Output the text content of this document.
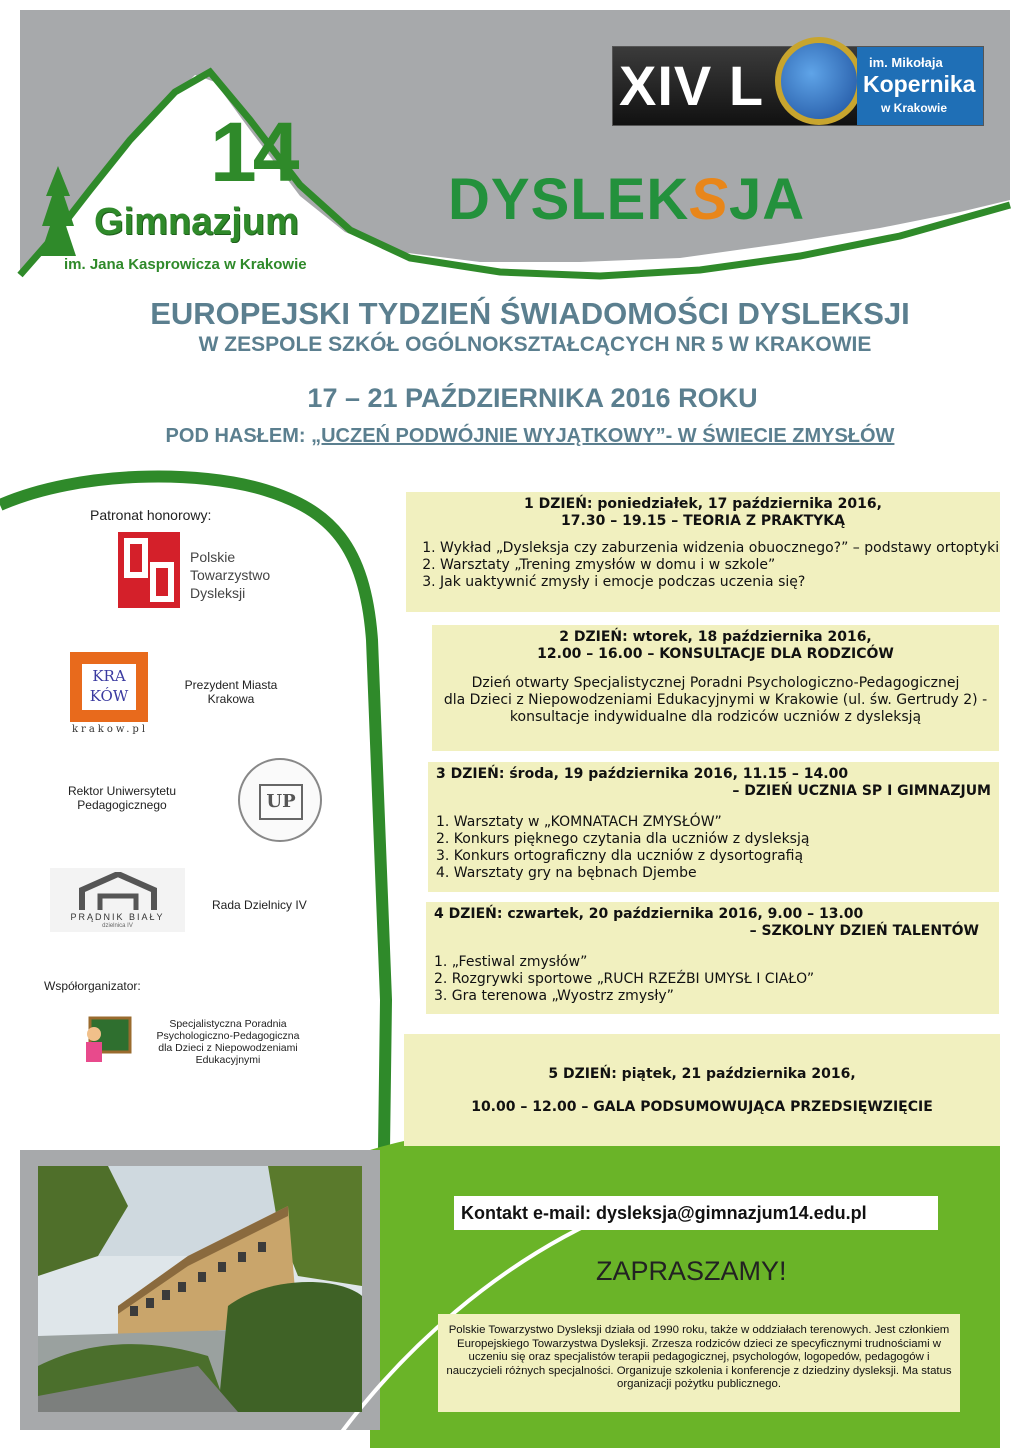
14
Gimnazjum
im. Jana Kasprowicza w Krakowie
XIV L	im. Mikołaja
Kopernika
w Krakowie
DYSLEKSJA
EUROPEJSKI TYDZIEŃ ŚWIADOMOŚCI DYSLEKSJI
W ZESPOLE SZKÓŁ OGÓLNOKSZTAŁCĄCYCH NR 5 W KRAKOWIE
17 – 21 PAŹDZIERNIKA 2016 ROKU
POD HASŁEM: „UCZEŃ PODWÓJNIE WYJĄTKOWY”- W ŚWIECIE ZMYSŁÓW
Patronat honorowy:
Polskie
Towarzystwo
Dysleksji
KRA
KÓW
krakow.pl
Prezydent Miasta Krakowa
Rektor Uniwersytetu Pedagogicznego	UP
PRĄDNIK BIAŁY
dzielnica IV
Rada Dzielnicy IV
Współorganizator:
Specjalistyczna Poradnia Psychologiczno-Pedagogiczna dla Dzieci z Niepowodzeniami Edukacyjnymi
1 DZIEŃ: poniedziałek, 17 października 2016,
17.30 – 19.15 – TEORIA Z PRAKTYKĄ
1. Wykład „Dysleksja czy zaburzenia widzenia obuocznego?” – podstawy ortoptyki
2. Warsztaty „Trening zmysłów w domu i w szkole”
3. Jak uaktywnić zmysły i emocje podczas uczenia się?
2 DZIEŃ: wtorek, 18 października 2016,
12.00 – 16.00 – KONSULTACJE DLA RODZICÓW
Dzień otwarty Specjalistycznej Poradni Psychologiczno-Pedagogicznej
dla Dzieci z Niepowodzeniami Edukacyjnymi w Krakowie (ul. św. Gertrudy 2) -
konsultacje indywidualne dla rodziców uczniów z dysleksją
3 DZIEŃ: środa, 19 października 2016, 11.15 – 14.00
– DZIEŃ UCZNIA SP I GIMNAZJUM
1. Warsztaty w „KOMNATACH ZMYSŁÓW”
2. Konkurs pięknego czytania dla uczniów z dysleksją
3. Konkurs ortograficzny dla uczniów z dysortografią
4. Warsztaty gry na bębnach Djembe
4 DZIEŃ: czwartek, 20 października 2016, 9.00 – 13.00
– SZKOLNY DZIEŃ TALENTÓW
1. „Festiwal zmysłów”
2. Rozgrywki sportowe „RUCH RZEŹBI UMYSŁ I CIAŁO”
3. Gra terenowa „Wyostrz zmysły”
5 DZIEŃ: piątek, 21 października 2016,
10.00 – 12.00 – GALA PODSUMOWUJĄCA PRZEDSIĘWZIĘCIE
Kontakt e-mail: dysleksja@gimnazjum14.edu.pl
ZAPRASZAMY!
Polskie Towarzystwo Dysleksji działa od 1990 roku, także w oddziałach terenowych. Jest członkiem Europejskiego Towarzystwa Dysleksji. Zrzesza rodziców dzieci ze specyficznymi trudnościami w uczeniu się oraz specjalistów terapii pedagogicznej, psychologów, logopedów, pedagogów i nauczycieli różnych specjalności. Organizuje szkolenia i konferencje z dziedziny dysleksji. Ma status organizacji pożytku publicznego.
